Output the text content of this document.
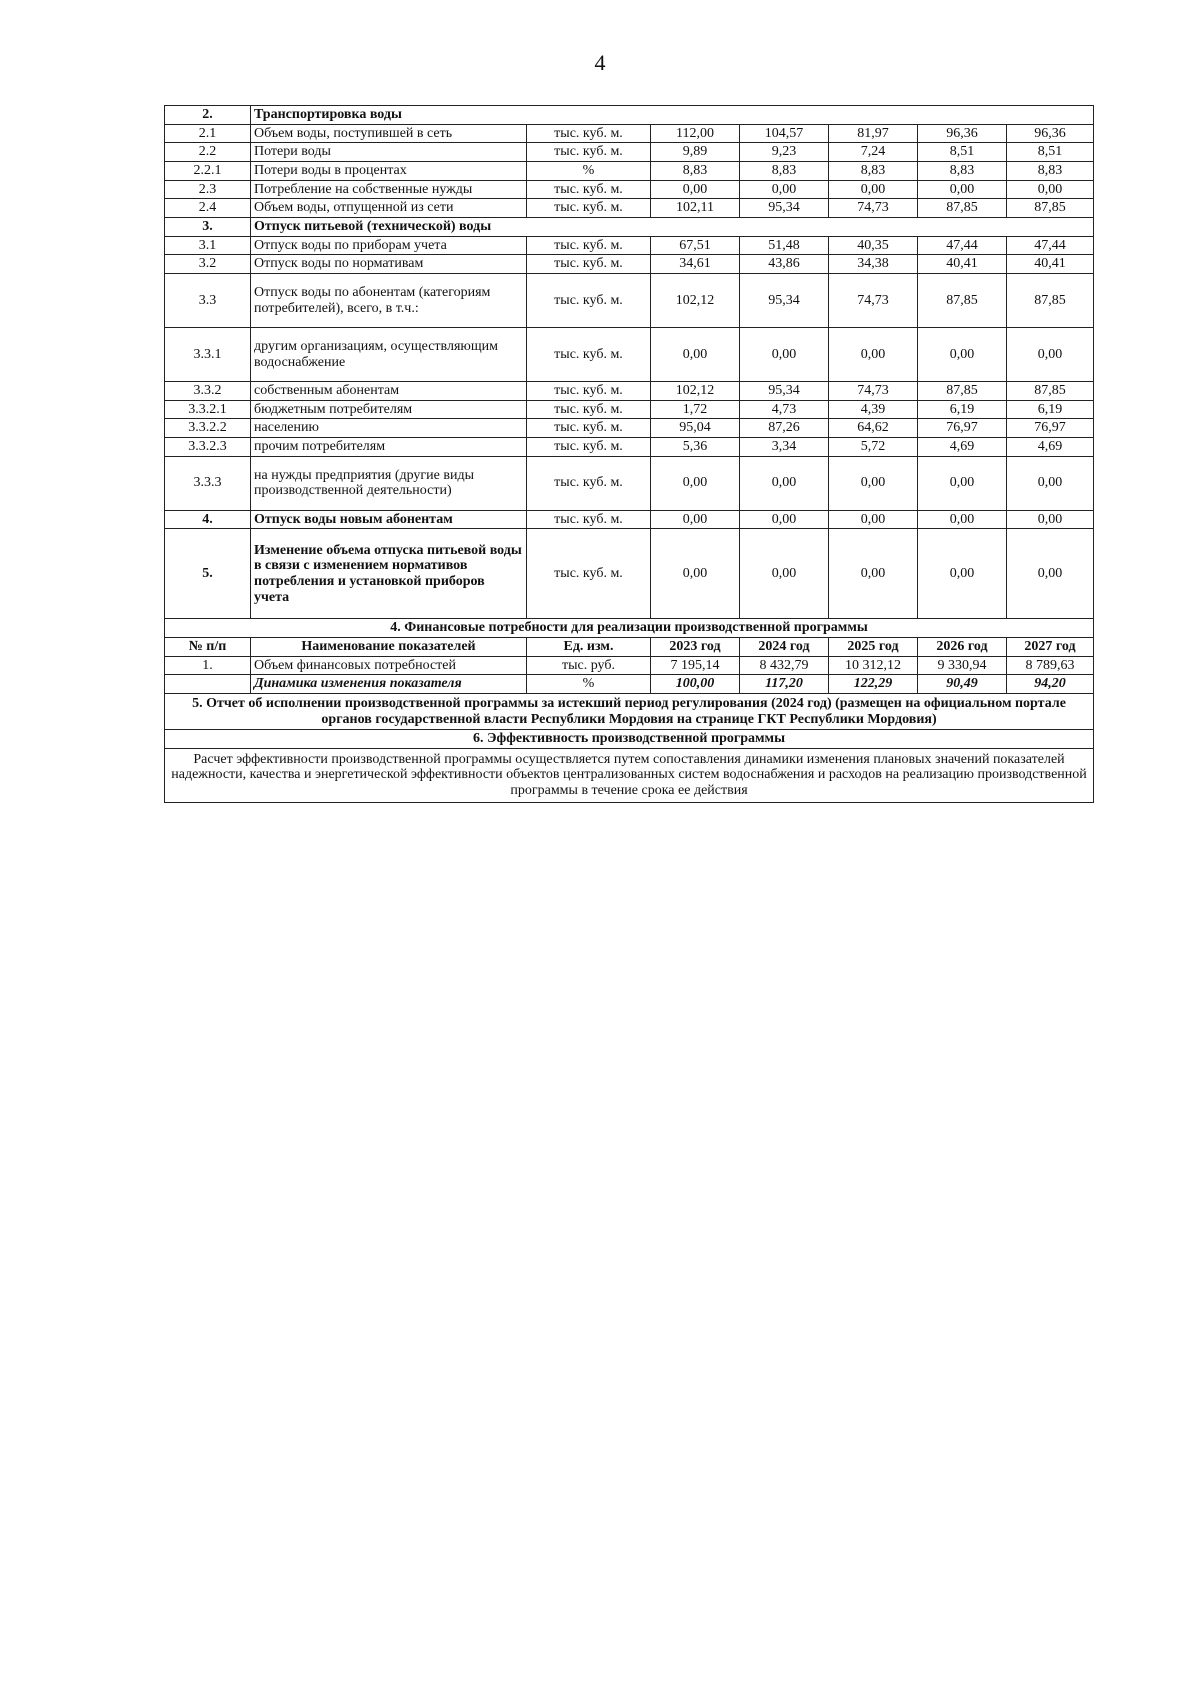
4
2.	Транспортировка воды						
2.1	Объем воды, поступившей в сеть	тыс. куб. м.	112,00	104,57	81,97	96,36	96,36
2.2	Потери воды	тыс. куб. м.	9,89	9,23	7,24	8,51	8,51
2.2.1	Потери воды в процентах	%	8,83	8,83	8,83	8,83	8,83
2.3	Потребление на собственные нужды	тыс. куб. м.	0,00	0,00	0,00	0,00	0,00
2.4	Объем воды, отпущенной из сети	тыс. куб. м.	102,11	95,34	74,73	87,85	87,85
3.	Отпуск питьевой (технической) воды						
3.1	Отпуск воды по приборам учета	тыс. куб. м.	67,51	51,48	40,35	47,44	47,44
3.2	Отпуск воды по нормативам	тыс. куб. м.	34,61	43,86	34,38	40,41	40,41
3.3	Отпуск воды по абонентам (категориям потребителей), всего, в т.ч.:	тыс. куб. м.	102,12	95,34	74,73	87,85	87,85
3.3.1	другим организациям, осуществляющим водоснабжение	тыс. куб. м.	0,00	0,00	0,00	0,00	0,00
3.3.2	собственным абонентам	тыс. куб. м.	102,12	95,34	74,73	87,85	87,85
3.3.2.1	бюджетным потребителям	тыс. куб. м.	1,72	4,73	4,39	6,19	6,19
3.3.2.2	населению	тыс. куб. м.	95,04	87,26	64,62	76,97	76,97
3.3.2.3	прочим потребителям	тыс. куб. м.	5,36	3,34	5,72	4,69	4,69
3.3.3	на нужды предприятия (другие виды производственной деятельности)	тыс. куб. м.	0,00	0,00	0,00	0,00	0,00
4.	Отпуск воды новым абонентам	тыс. куб. м.	0,00	0,00	0,00	0,00	0,00
5.	Изменение объема отпуска питьевой воды в связи с изменением нормативов потребления и установкой приборов учета	тыс. куб. м.	0,00	0,00	0,00	0,00	0,00
4. Финансовые потребности для реализации производственной программы							
№ п/п	Наименование показателей	Ед. изм.	2023 год	2024 год	2025 год	2026 год	2027 год
1.	Объем финансовых потребностей	тыс. руб.	7 195,14	8 432,79	10 312,12	9 330,94	8 789,63
	Динамика изменения показателя	%	100,00	117,20	122,29	90,49	94,20
5. Отчет об исполнении производственной программы за истекший период регулирования (2024 год) (размещен на официальном портале органов государственной власти Республики Мордовия на странице ГКТ Республики Мордовия)							
6. Эффективность производственной программы							
Расчет эффективности производственной программы осуществляется путем сопоставления динамики изменения плановых значений показателей надежности, качества и энергетической эффективности объектов централизованных систем водоснабжения и расходов на реализацию производственной программы в течение срока ее действия							
